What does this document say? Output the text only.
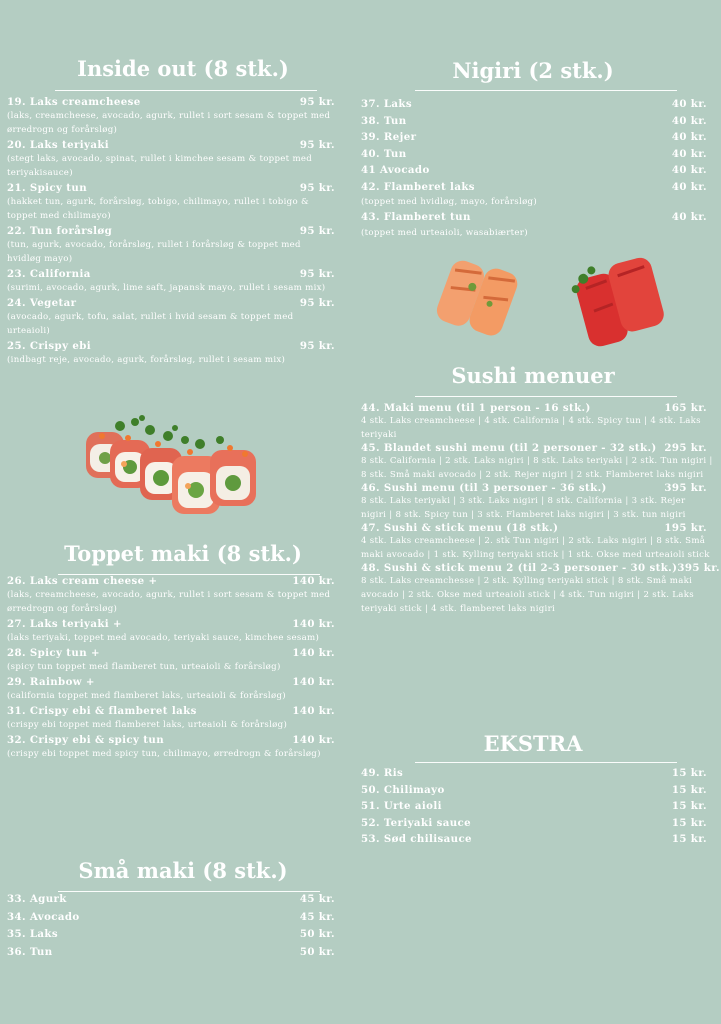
Inside out (8 stk.)
19. Laks creamcheese	95 kr.
(laks, creamcheese, avocado, agurk, rullet i sort sesam & toppet med ørredrogn og forårsløg)
20. Laks teriyaki	95 kr.
(stegt laks, avocado, spinat, rullet i kimchee sesam & toppet med teriyakisauce)
21. Spicy tun	95 kr.
(hakket tun, agurk, forårsløg, tobigo, chilimayo, rullet i tobigo & toppet med chilimayo)
22. Tun forårsløg	95 kr.
(tun, agurk, avocado, forårsløg, rullet i forårsløg & toppet med hvidløg mayo)
23. California	95 kr.
(surimi, avocado, agurk, lime saft, japansk mayo, rullet i sesam mix)
24. Vegetar	95 kr.
(avocado, agurk, tofu, salat, rullet i hvid sesam & toppet med urteaioli)
25. Crispy ebi	95 kr.
(indbagt reje, avocado, agurk, forårsløg, rullet i sesam mix)
Toppet maki (8 stk.)
26. Laks cream cheese +	140 kr.
(laks, creamcheese, avocado, agurk, rullet i sort sesam & toppet med ørredrogn og forårsløg)
27. Laks teriyaki +	140 kr.
(laks teriyaki, toppet med avocado, teriyaki sauce, kimchee sesam)
28. Spicy tun +	140 kr.
(spicy tun toppet med flamberet tun, urteaioli & forårsløg)
29. Rainbow +	140 kr.
(california toppet med flamberet laks, urteaioli & forårsløg)
31. Crispy ebi & flamberet laks	140 kr.
(crispy ebi toppet med flamberet laks, urteaioli & forårsløg)
32. Crispy ebi & spicy tun	140 kr.
(crispy ebi toppet med spicy tun, chilimayo, ørredrogn & forårsløg)
Små maki (8 stk.)
33. Agurk	45 kr.
34. Avocado	45 kr.
35. Laks	50 kr.
36. Tun	50 kr.
Nigiri (2 stk.)
37. Laks	40 kr.
38. Tun	40 kr.
39. Rejer	40 kr.
40. Tun	40 kr.
41 Avocado	40 kr.
42. Flamberet laks	40 kr.
(toppet med hvidløg, mayo, forårsløg)
43. Flamberet tun	40 kr.
(toppet med urteaioli, wasabiærter)
Sushi menuer
44. Maki menu (til 1 person - 16 stk.)	165 kr.
4 stk. Laks creamcheese | 4 stk. California | 4 stk. Spicy tun | 4 stk. Laks teriyaki
45. Blandet sushi menu (til 2 personer - 32 stk.) 295 kr.
8 stk. California | 2 stk. Laks nigiri | 8 stk. Laks teriyaki | 2 stk. Tun nigiri | 8 stk. Små maki avocado | 2 stk. Rejer nigiri | 2 stk. Flamberet laks nigiri
46. Sushi menu (til 3 personer - 36 stk.)	395 kr.
8 stk. Laks teriyaki | 3 stk. Laks nigiri | 8 stk. California | 3 stk. Rejer nigiri | 8 stk. Spicy tun | 3 stk. Flamberet laks nigiri | 3 stk. tun nigiri
47. Sushi & stick menu (18 stk.)	195 kr.
4 stk. Laks creamcheese | 2. stk Tun nigiri | 2 stk. Laks nigiri | 8 stk. Små maki avocado | 1 stk. Kylling teriyaki stick | 1 stk. Okse med urteaioli stick
48. Sushi & stick menu 2 (til 2-3 personer - 30 stk.) 395 kr.
8 stk. Laks creamchesse | 2 stk. Kylling teriyaki stick | 8 stk. Små maki avocado | 2 stk. Okse med urteaioli stick | 4 stk. Tun nigiri | 2 stk. Laks teriyaki stick | 4 stk. flamberet laks nigiri
EKSTRA
49. Ris	15 kr.
50. Chilimayo	15 kr.
51. Urte aioli	15 kr.
52. Teriyaki sauce	15 kr.
53. Sød chilisauce	15 kr.
